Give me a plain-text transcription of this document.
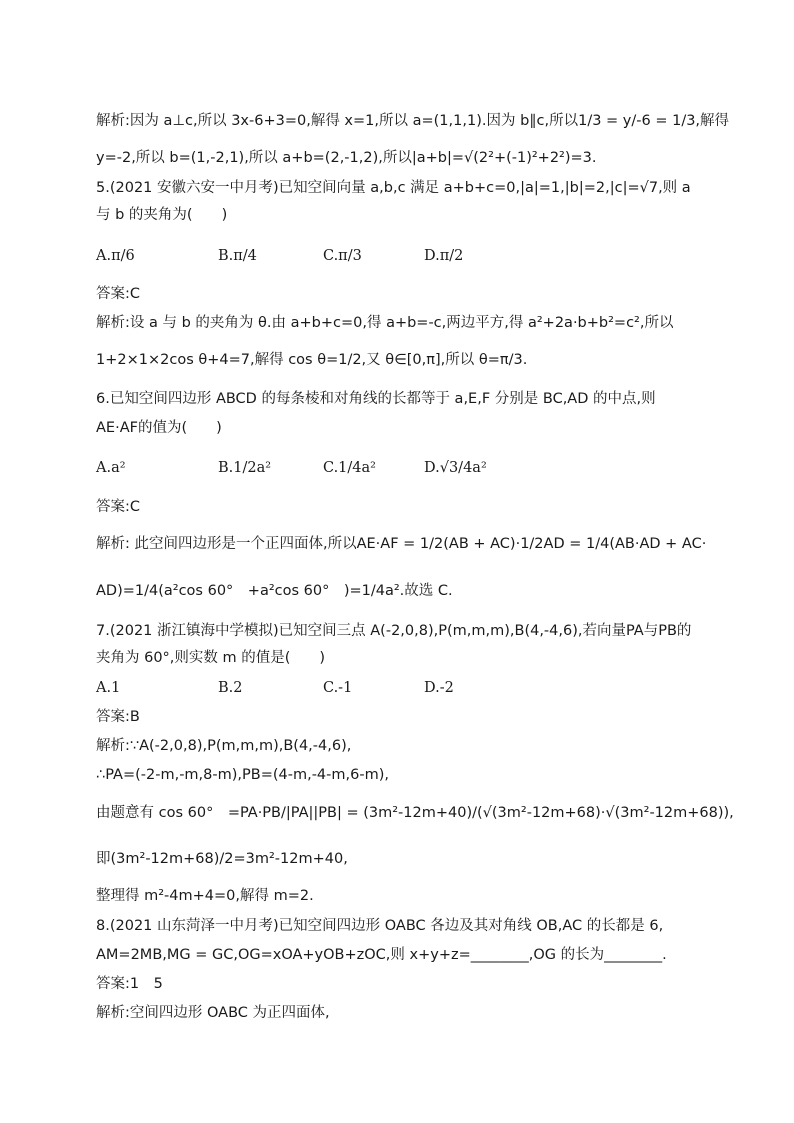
解析:因为 a⊥c,所以 3x-6+3=0,解得 x=1,所以 a=(1,1,1).因为 b∥c,所以1/3 = y/-6 = 1/3,解得
y=-2,所以 b=(1,-2,1),所以 a+b=(2,-1,2),所以|a+b|=√(2²+(-1)²+2²)=3.
5.(2021 安徽六安一中月考)已知空间向量 a,b,c 满足 a+b+c=0,|a|=1,|b|=2,|c|=√7,则 a
与 b 的夹角为(　　)
A.π/6	B.π/4	C.π/3	D.π/2
答案:C
解析:设 a 与 b 的夹角为 θ.由 a+b+c=0,得 a+b=-c,两边平方,得 a²+2a·b+b²=c²,所以
1+2×1×2cos θ+4=7,解得 cos θ=1/2,又 θ∈[0,π],所以 θ=π/3.
6.已知空间四边形 ABCD 的每条棱和对角线的长都等于 a,E,F 分别是 BC,AD 的中点,则
AE·AF的值为(　　)
A.a²	B.1/2a²	C.1/4a²	D.√3/4a²
答案:C
解析: 此空间四边形是一个正四面体,所以AE·AF = 1/2(AB + AC)·1/2AD = 1/4(AB·AD + AC·
AD)=1/4(a²cos 60°　+a²cos 60°　)=1/4a².故选 C.
7.(2021 浙江镇海中学模拟)已知空间三点 A(-2,0,8),P(m,m,m),B(4,-4,6),若向量PA与PB的
夹角为 60°,则实数 m 的值是(　　)
A.1	B.2	C.-1	D.-2
答案:B
解析:∵A(-2,0,8),P(m,m,m),B(4,-4,6),
∴PA=(-2-m,-m,8-m),PB=(4-m,-4-m,6-m),
由题意有 cos 60°　=PA·PB/|PA||PB| = (3m²-12m+40)/(√(3m²-12m+68)·√(3m²-12m+68)),
即(3m²-12m+68)/2=3m²-12m+40,
整理得 m²-4m+4=0,解得 m=2.
8.(2021 山东菏泽一中月考)已知空间四边形 OABC 各边及其对角线 OB,AC 的长都是 6,
AM=2MB,MG = GC,OG=xOA+yOB+zOC,则 x+y+z=________,OG 的长为________.
答案:1　5
解析:空间四边形 OABC 为正四面体,
